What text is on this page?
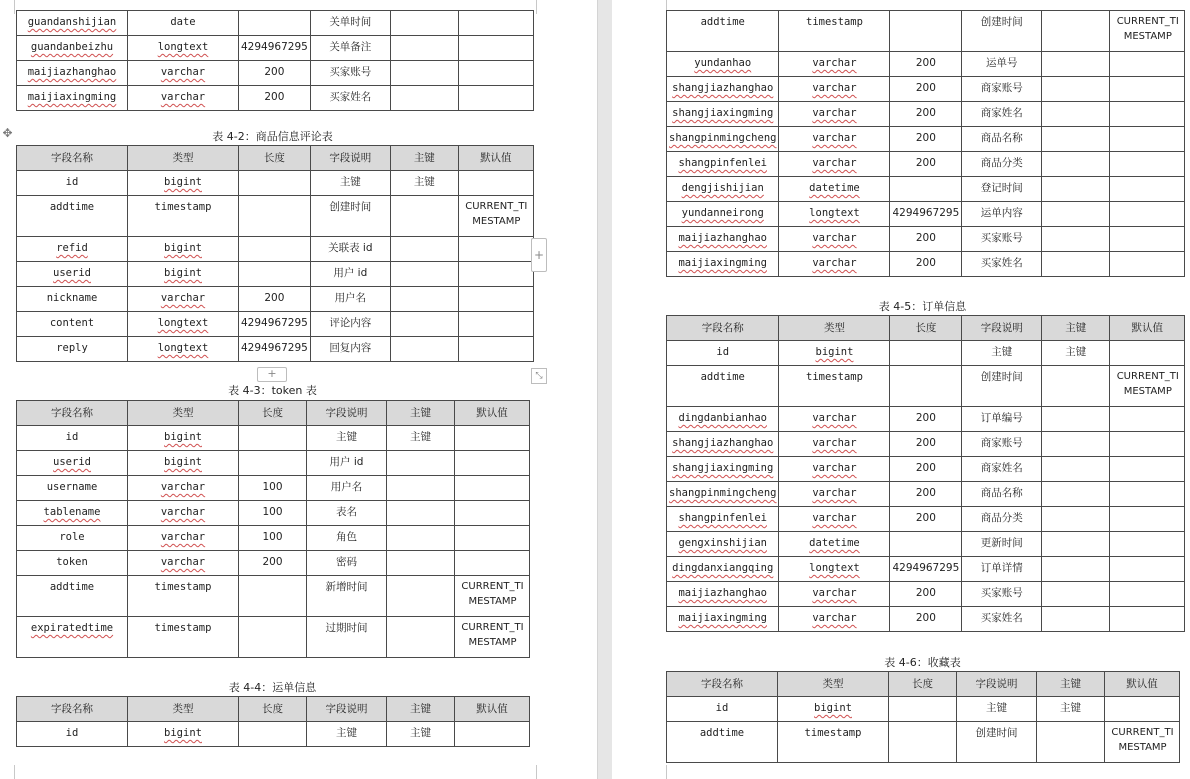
guandanshijian	date		关单时间		
guandanbeizhu	longtext	4294967295	关单备注		
maijiazhanghao	varchar	200	买家账号		
maijiaxingming	varchar	200	买家姓名		
✥	表 4-2：商品信息评论表
字段名称	类型	长度	字段说明	主键	默认值
id	bigint		主键	主键	
addtime	timestamp		创建时间		CURRENT_TIMESTAMP
refid	bigint		关联表 id		
userid	bigint		用户 id		
nickname	varchar	200	用户名		
content	longtext	4294967295	评论内容		
reply	longtext	4294967295	回复内容		
+
+	⤡
表 4-3：token 表
字段名称	类型	长度	字段说明	主键	默认值
id	bigint		主键	主键	
userid	bigint		用户 id		
username	varchar	100	用户名		
tablename	varchar	100	表名		
role	varchar	100	角色		
token	varchar	200	密码		
addtime	timestamp		新增时间		CURRENT_TIMESTAMP
expiratedtime	timestamp		过期时间		CURRENT_TIMESTAMP
表 4-4：运单信息
字段名称	类型	长度	字段说明	主键	默认值
id	bigint		主键	主键	
addtime	timestamp		创建时间		CURRENT_TIMESTAMP
yundanhao	varchar	200	运单号		
shangjiazhanghao	varchar	200	商家账号		
shangjiaxingming	varchar	200	商家姓名		
shangpinmingcheng	varchar	200	商品名称		
shangpinfenlei	varchar	200	商品分类		
dengjishijian	datetime		登记时间		
yundanneirong	longtext	4294967295	运单内容		
maijiazhanghao	varchar	200	买家账号		
maijiaxingming	varchar	200	买家姓名		
表 4-5：订单信息
字段名称	类型	长度	字段说明	主键	默认值
id	bigint		主键	主键	
addtime	timestamp		创建时间		CURRENT_TIMESTAMP
dingdanbianhao	varchar	200	订单编号		
shangjiazhanghao	varchar	200	商家账号		
shangjiaxingming	varchar	200	商家姓名		
shangpinmingcheng	varchar	200	商品名称		
shangpinfenlei	varchar	200	商品分类		
gengxinshijian	datetime		更新时间		
dingdanxiangqing	longtext	4294967295	订单详情		
maijiazhanghao	varchar	200	买家账号		
maijiaxingming	varchar	200	买家姓名		
表 4-6：收藏表
字段名称	类型	长度	字段说明	主键	默认值
id	bigint		主键	主键	
addtime	timestamp		创建时间		CURRENT_TIMESTAMP
